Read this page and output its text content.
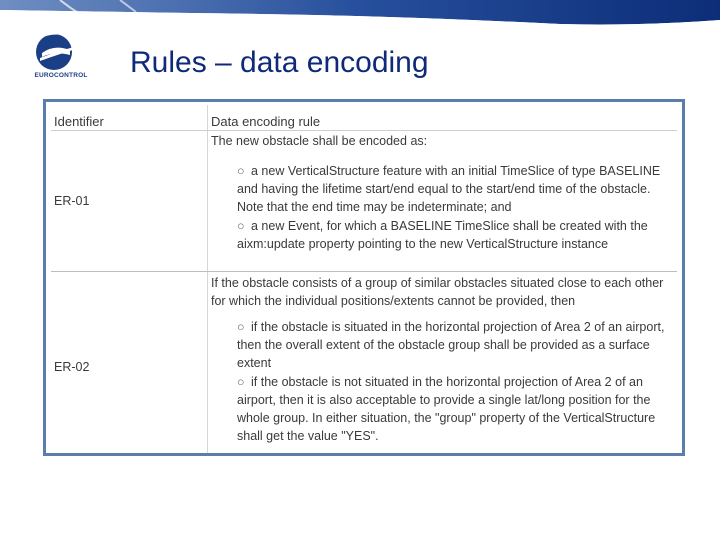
EUROCONTROL Rules – data encoding
Identifier	Data encoding rule
ER-01
The new obstacle shall be encoded as:
○ a new VerticalStructure feature with an initial TimeSlice of type BASELINE and having the lifetime start/end equal to the start/end time of the obstacle. Note that the end time may be indeterminate; and
○ a new Event, for which a BASELINE TimeSlice shall be created with the aixm:update property pointing to the new VerticalStructure instance
ER-02
If the obstacle consists of a group of similar obstacles situated close to each other for which the individual positions/extents cannot be provided, then
○ if the obstacle is situated in the horizontal projection of Area 2 of an airport, then the overall extent of the obstacle group shall be provided as a surface extent
○ if the obstacle is not situated in the horizontal projection of Area 2 of an airport, then it is also acceptable to provide a single lat/long position for the whole group. In either situation, the "group" property of the VerticalStructure shall get the value "YES".
